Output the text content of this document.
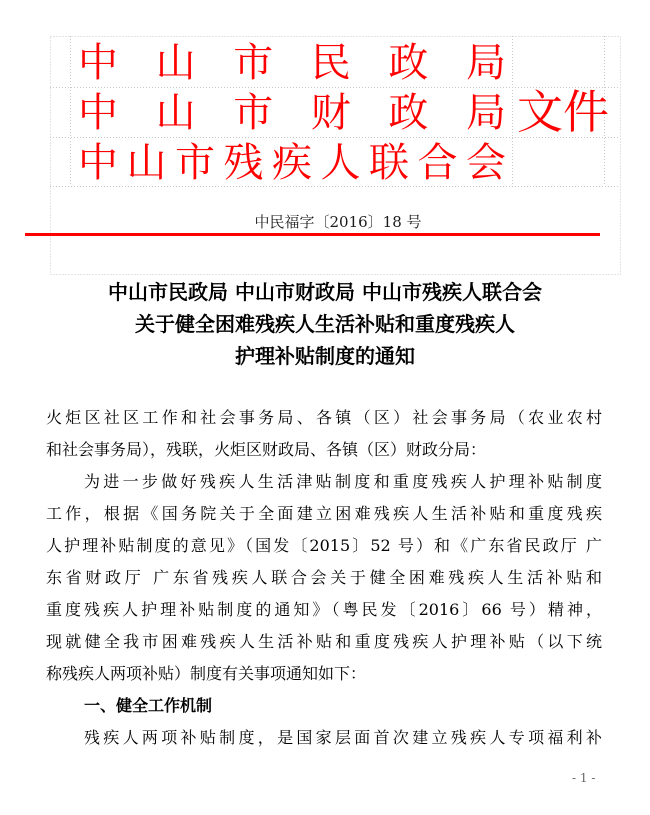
中 山 市 民 政 局
中 山 市 财 政 局
中 山 市 残 疾 人 联 合 会
文件
中民福字〔2016〕18 号
中山市民政局 中山市财政局 中山市残疾人联合会
关于健全困难残疾人生活补贴和重度残疾人
护理补贴制度的通知
火炬区社区工作和社会事务局、各镇（区）社会事务局（农业农村
和社会事务局），残联，火炬区财政局、各镇（区）财政分局：
为进一步做好残疾人生活津贴制度和重度残疾人护理补贴制度
工作，根据《国务院关于全面建立困难残疾人生活补贴和重度残疾
人护理补贴制度的意见》（国发〔2015〕52 号）和《广东省民政厅 广
东省财政厅 广东省残疾人联合会关于健全困难残疾人生活补贴和
重度残疾人护理补贴制度的通知》（粤民发〔2016〕66 号）精神，
现就健全我市困难残疾人生活补贴和重度残疾人护理补贴（以下统
称残疾人两项补贴）制度有关事项通知如下：
一、健全工作机制
残疾人两项补贴制度，是国家层面首次建立残疾人专项福利补
- 1 -
